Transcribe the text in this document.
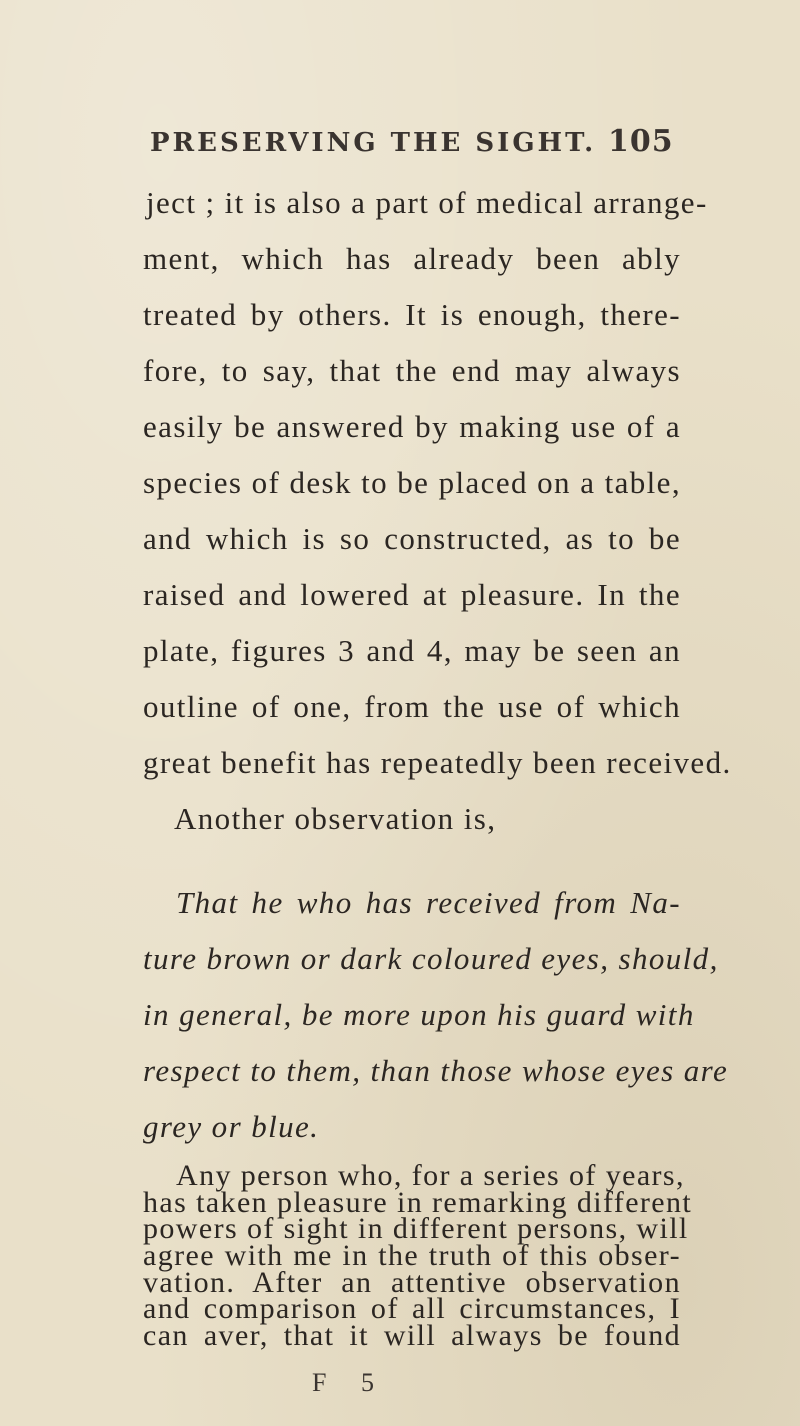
PRESERVING THE SIGHT. 105
ject ; it is also a part of medical arrange-
ment, which has already been ably
treated by others. It is enough, there-
fore, to say, that the end may always
easily be answered by making use of a
species of desk to be placed on a table,
and which is so constructed, as to be
raised and lowered at pleasure. In the
plate, figures 3 and 4, may be seen an
outline of one, from the use of which
great benefit has repeatedly been received.
Another observation is,
That he who has received from Na-
ture brown or dark coloured eyes, should,
in general, be more upon his guard with
respect to them, than those whose eyes are
grey or blue.
Any person who, for a series of years,
has taken pleasure in remarking different
powers of sight in different persons, will
agree with me in the truth of this obser-
F 5
vation. After an attentive observation
and comparison of all circumstances, I
can aver, that it will always be found
